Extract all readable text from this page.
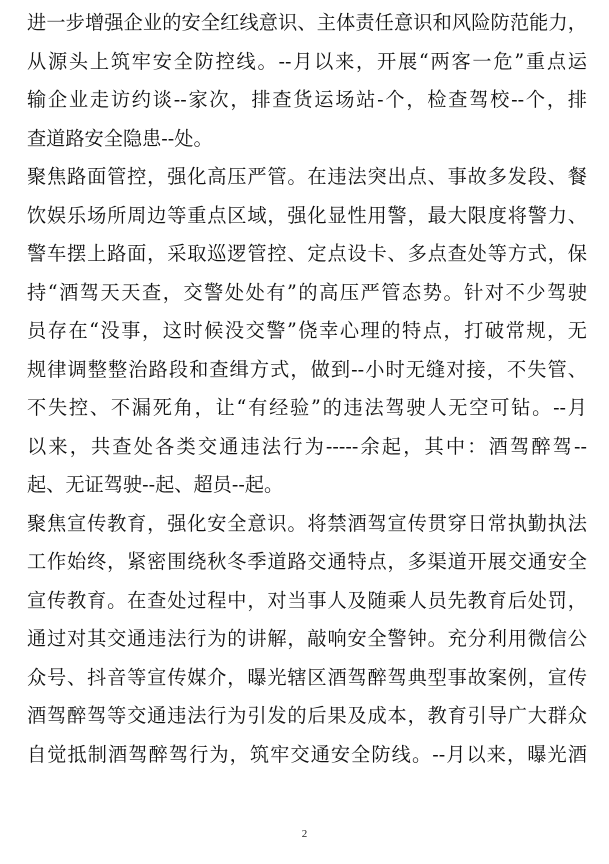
进一步增强企业的安全红线意识、主体责任意识和风险防范能力，
从源头上筑牢安全防控线。--月以来，开展“两客一危”重点运
输企业走访约谈--家次，排查货运场站-个，检查驾校--个，排
查道路安全隐患--处。
聚焦路面管控，强化高压严管。在违法突出点、事故多发段、餐
饮娱乐场所周边等重点区域，强化显性用警，最大限度将警力、
警车摆上路面，采取巡逻管控、定点设卡、多点查处等方式，保
持“酒驾天天查，交警处处有”的高压严管态势。针对不少驾驶
员存在“没事，这时候没交警”侥幸心理的特点，打破常规，无
规律调整整治路段和查缉方式，做到--小时无缝对接，不失管、
不失控、不漏死角，让“有经验”的违法驾驶人无空可钻。--月
以来，共查处各类交通违法行为-----余起，其中：酒驾醉驾--
起、无证驾驶--起、超员--起。
聚焦宣传教育，强化安全意识。将禁酒驾宣传贯穿日常执勤执法
工作始终，紧密围绕秋冬季道路交通特点，多渠道开展交通安全
宣传教育。在查处过程中，对当事人及随乘人员先教育后处罚，
通过对其交通违法行为的讲解，敲响安全警钟。充分利用微信公
众号、抖音等宣传媒介，曝光辖区酒驾醉驾典型事故案例，宣传
酒驾醉驾等交通违法行为引发的后果及成本，教育引导广大群众
自觉抵制酒驾醉驾行为，筑牢交通安全防线。--月以来，曝光酒
2
